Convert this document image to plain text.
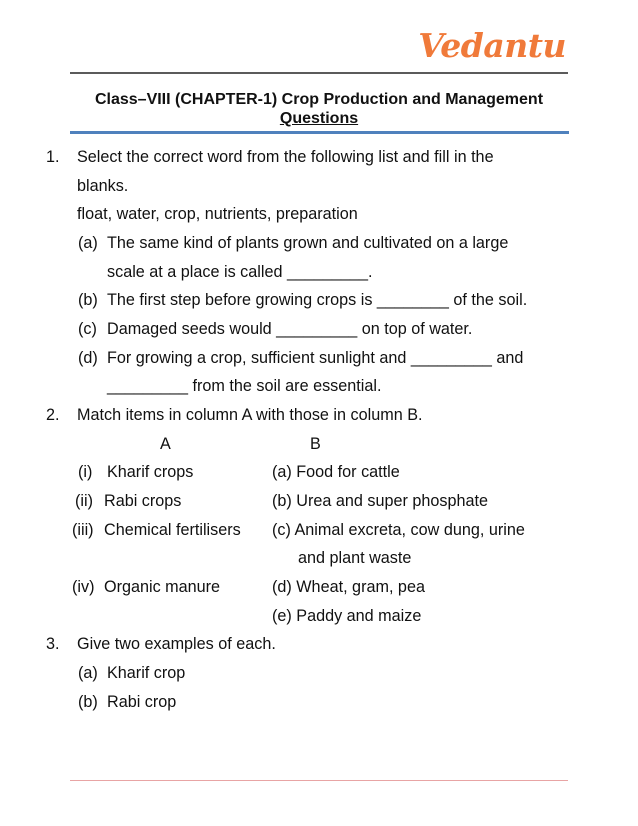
Vedantu
Class–VIII (CHAPTER-1) Crop Production and Management
Questions
1. Select the correct word from the following list and fill in the
blanks.
float, water, crop, nutrients, preparation
(a) The same kind of plants grown and cultivated on a large
scale at a place is called _________.
(b) The first step before growing crops is ________ of the soil.
(c) Damaged seeds would _________ on top of water.
(d) For growing a crop, sufficient sunlight and _________ and
_________ from the soil are essential.
2. Match items in column A with those in column B.
A	B
(i) Kharif crops	(a) Food for cattle
(ii) Rabi crops	(b) Urea and super phosphate
(iii) Chemical fertilisers (c) Animal excreta, cow dung, urine
and plant waste
(iv) Organic manure	(d) Wheat, gram, pea
(e) Paddy and maize
3. Give two examples of each.
(a) Kharif crop
(b) Rabi crop
